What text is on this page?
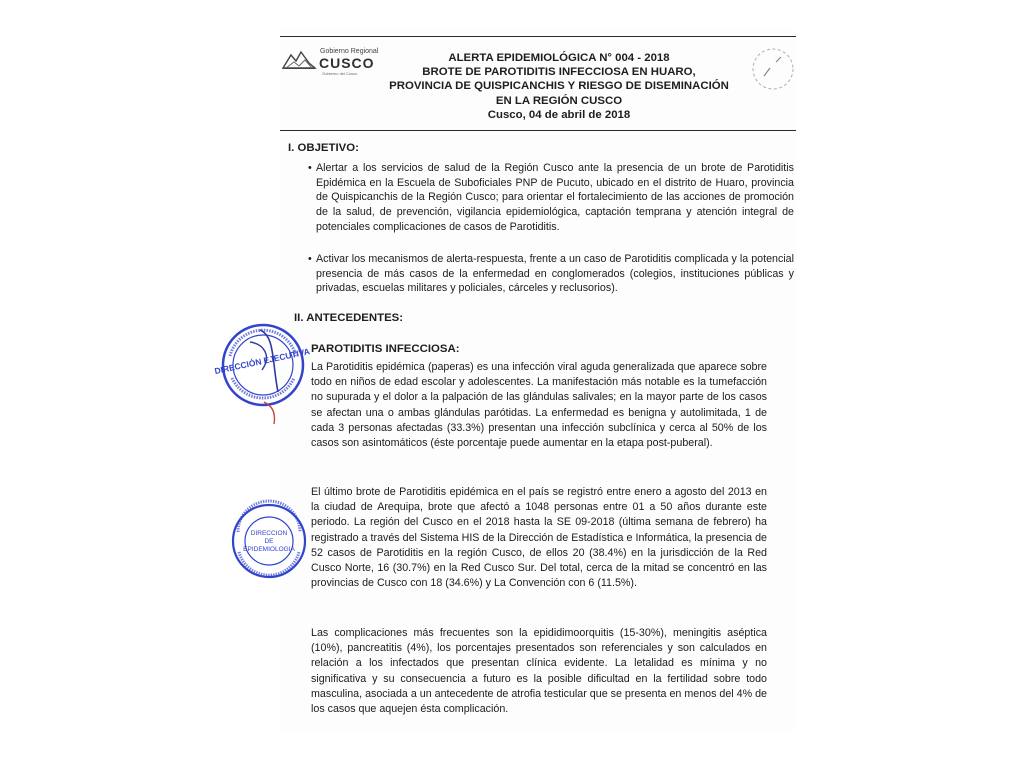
Gobierno Regional
CUSCO
Gobierno del Cusco
ALERTA EPIDEMIOLÓGICA N° 004 - 2018
BROTE DE PAROTIDITIS INFECCIOSA EN HUARO,
PROVINCIA DE QUISPICANCHIS Y RIESGO DE DISEMINACIÓN
EN LA REGIÓN CUSCO
Cusco, 04 de abril de 2018
I. OBJETIVO:
• Alertar a los servicios de salud de la Región Cusco ante la presencia de un brote de Parotiditis Epidémica en la Escuela de Suboficiales PNP de Pucuto, ubicado en el distrito de Huaro, provincia de Quispicanchis de la Región Cusco; para orientar el fortalecimiento de las acciones de promoción de la salud, de prevención, vigilancia epidemiológica, captación temprana y atención integral de potenciales complicaciones de casos de Parotiditis.
• Activar los mecanismos de alerta-respuesta, frente a un caso de Parotiditis complicada y la potencial presencia de más casos de la enfermedad en conglomerados (colegios, instituciones públicas y privadas, escuelas militares y policiales, cárceles y reclusorios).
II. ANTECEDENTES:
PAROTIDITIS INFECCIOSA:
La Parotiditis epidémica (paperas) es una infección viral aguda generalizada que aparece sobre todo en niños de edad escolar y adolescentes. La manifestación más notable es la tumefacción no supurada y el dolor a la palpación de las glándulas salivales; en la mayor parte de los casos se afectan una o ambas glándulas parótidas. La enfermedad es benigna y autolimitada, 1 de cada 3 personas afectadas (33.3%) presentan una infección subclínica y cerca al 50% de los casos son asintomáticos (éste porcentaje puede aumentar en la etapa post-puberal).
El último brote de Parotiditis epidémica en el país se registró entre enero a agosto del 2013 en la ciudad de Arequipa, brote que afectó a 1048 personas entre 01 a 50 años durante este periodo. La región del Cusco en el 2018 hasta la SE 09-2018 (última semana de febrero) ha registrado a través del Sistema HIS de la Dirección de Estadística e Informática, la presencia de 52 casos de Parotiditis en la región Cusco, de ellos 20 (38.4%) en la jurisdicción de la Red Cusco Norte, 16 (30.7%) en la Red Cusco Sur. Del total, cerca de la mitad se concentró en las provincias de Cusco con 18 (34.6%) y La Convención con 6 (11.5%).
Las complicaciones más frecuentes son la epididimoorquitis (15-30%), meningitis aséptica (10%), pancreatitis (4%), los porcentajes presentados son referenciales y son calculados en relación a los infectados que presentan clínica evidente. La letalidad es mínima y no significativa y su consecuencia a futuro es la posible dificultad en la fertilidad sobre todo masculina, asociada a un antecedente de atrofia testicular que se presenta en menos del 4% de los casos que aquejen ésta complicación.
DIRECCIÓN EJECUTIVA
DIRECCION
DE
EPIDEMIOLOGIA
